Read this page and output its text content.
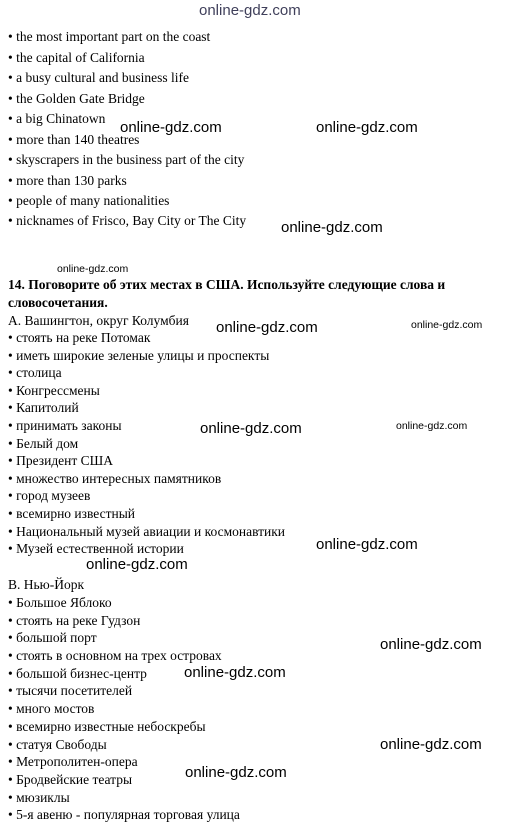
• the most important part on the coast
• the capital of California
• a busy cultural and business life
• the Golden Gate Bridge
• a big Chinatown
• more than 140 theatres
• skyscrapers in the business part of the city
• more than 130 parks
• people of many nationalities
• nicknames of Frisco, Bay City or The City
14. Поговорите об этих местах в США. Используйте следующие слова и
словосочетания.
А. Вашингтон, округ Колумбия
• стоять на реке Потомак
• иметь широкие зеленые улицы и проспекты
• столица
• Конгрессмены
• Капитолий
• принимать законы
• Белый дом
• Президент США
• множество интересных памятников
• город музеев
• всемирно известный
• Национальный музей авиации и космонавтики
• Музей естественной истории
В. Нью-Йорк
• Большое Яблоко
• стоять на реке Гудзон
• большой порт
• стоять в основном на трех островах
• большой бизнес-центр
• тысячи посетителей
• много мостов
• всемирно известные небоскребы
• статуя Свободы
• Метрополитен-опера
• Бродвейские театры
• мюзиклы
• 5-я авеню - популярная торговая улица
online-gdz.com
online-gdz.com	online-gdz.com
online-gdz.com
online-gdz.com
online-gdz.com	online-gdz.com
online-gdz.com	online-gdz.com
online-gdz.com
online-gdz.com
online-gdz.com
online-gdz.com
online-gdz.com
online-gdz.com
